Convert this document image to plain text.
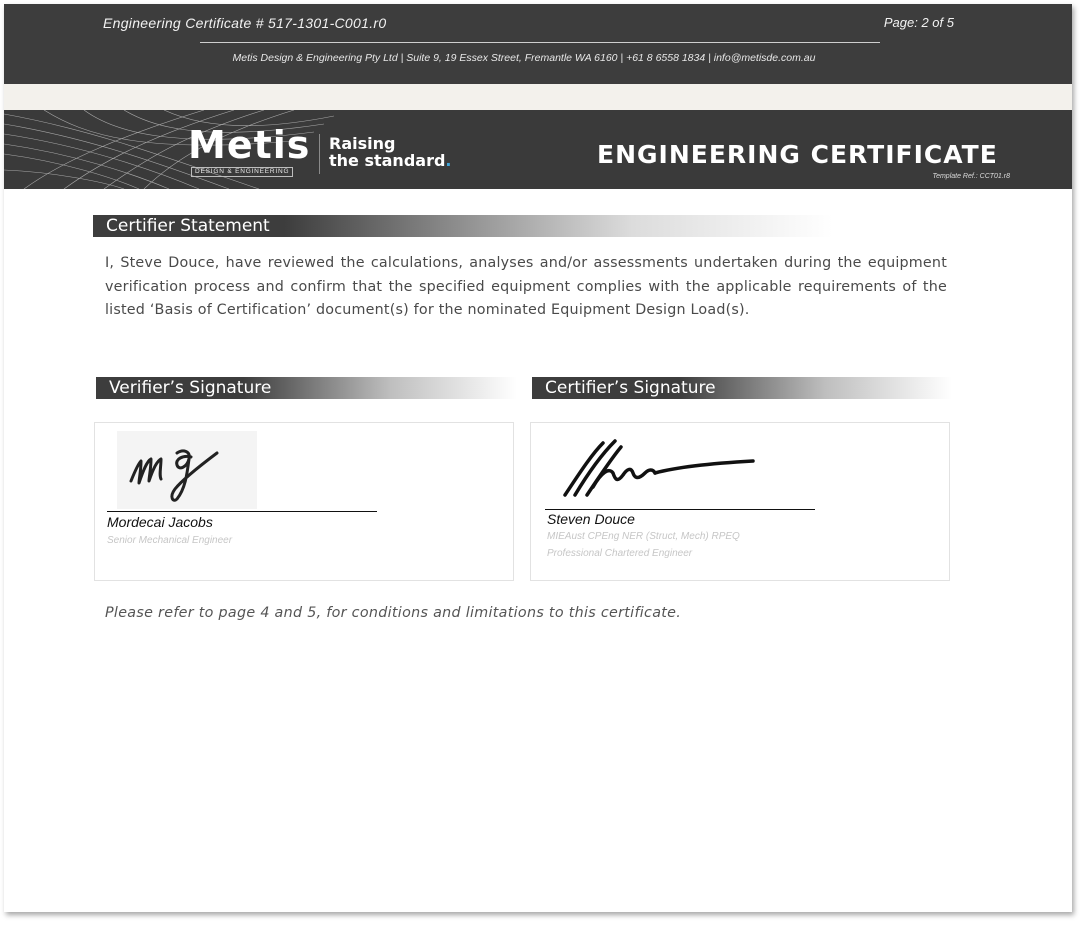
Engineering Certificate # 517-1301-C001.r0	Page: 2 of 5
Metis Design & Engineering Pty Ltd | Suite 9, 19 Essex Street, Fremantle WA 6160 | +61 8 6558 1834 | info@metisde.com.au
Metis
DESIGN & ENGINEERING
Raising
the standard.	ENGINEERING CERTIFICATE
Template Ref.: CCT01.r8
Certifier Statement
I, Steve Douce, have reviewed the calculations, analyses and/or assessments undertaken during the equipment verification process and confirm that the specified equipment complies with the applicable requirements of the listed ‘Basis of Certification’ document(s) for the nominated Equipment Design Load(s).
Verifier’s Signature	Certifier’s Signature
Mordecai Jacobs
Senior Mechanical Engineer
Steven Douce
MIEAust CPEng NER (Struct, Mech) RPEQ
Professional Chartered Engineer
Please refer to page 4 and 5, for conditions and limitations to this certificate.
